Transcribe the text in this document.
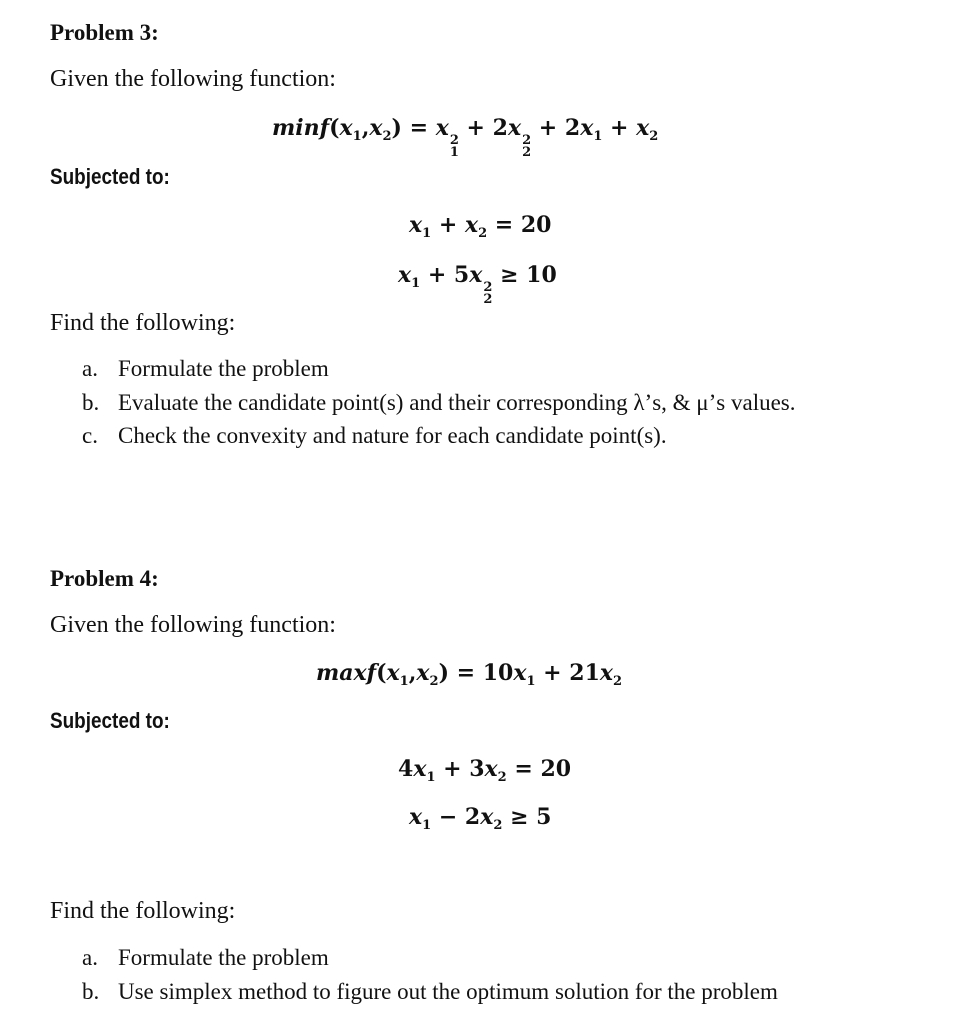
Problem 3:
Given the following function:
$\min f(x_1,x_2) = x$ 2
1
+ 2x 2
2
+ $2x_1 + x_2$
Subjected to:
$x_1 + x_2 = 20$
$x_1 + 5x$ 2
2
≥ 10
Find the following:
a. Formulate the problem
b. Evaluate the candidate point(s) and their corresponding λ’s, & μ’s values.
c. Check the convexity and nature for each candidate point(s).
Problem 4:
Given the following function:
$\max f(x_1,x_2) = 10x_1 + 21x_2$
Subjected to:
$4x_1 + 3x_2 = 20$
$x_1 - 2x_2 \ge 5$
Find the following:
a. Formulate the problem
b. Use simplex method to figure out the optimum solution for the problem
